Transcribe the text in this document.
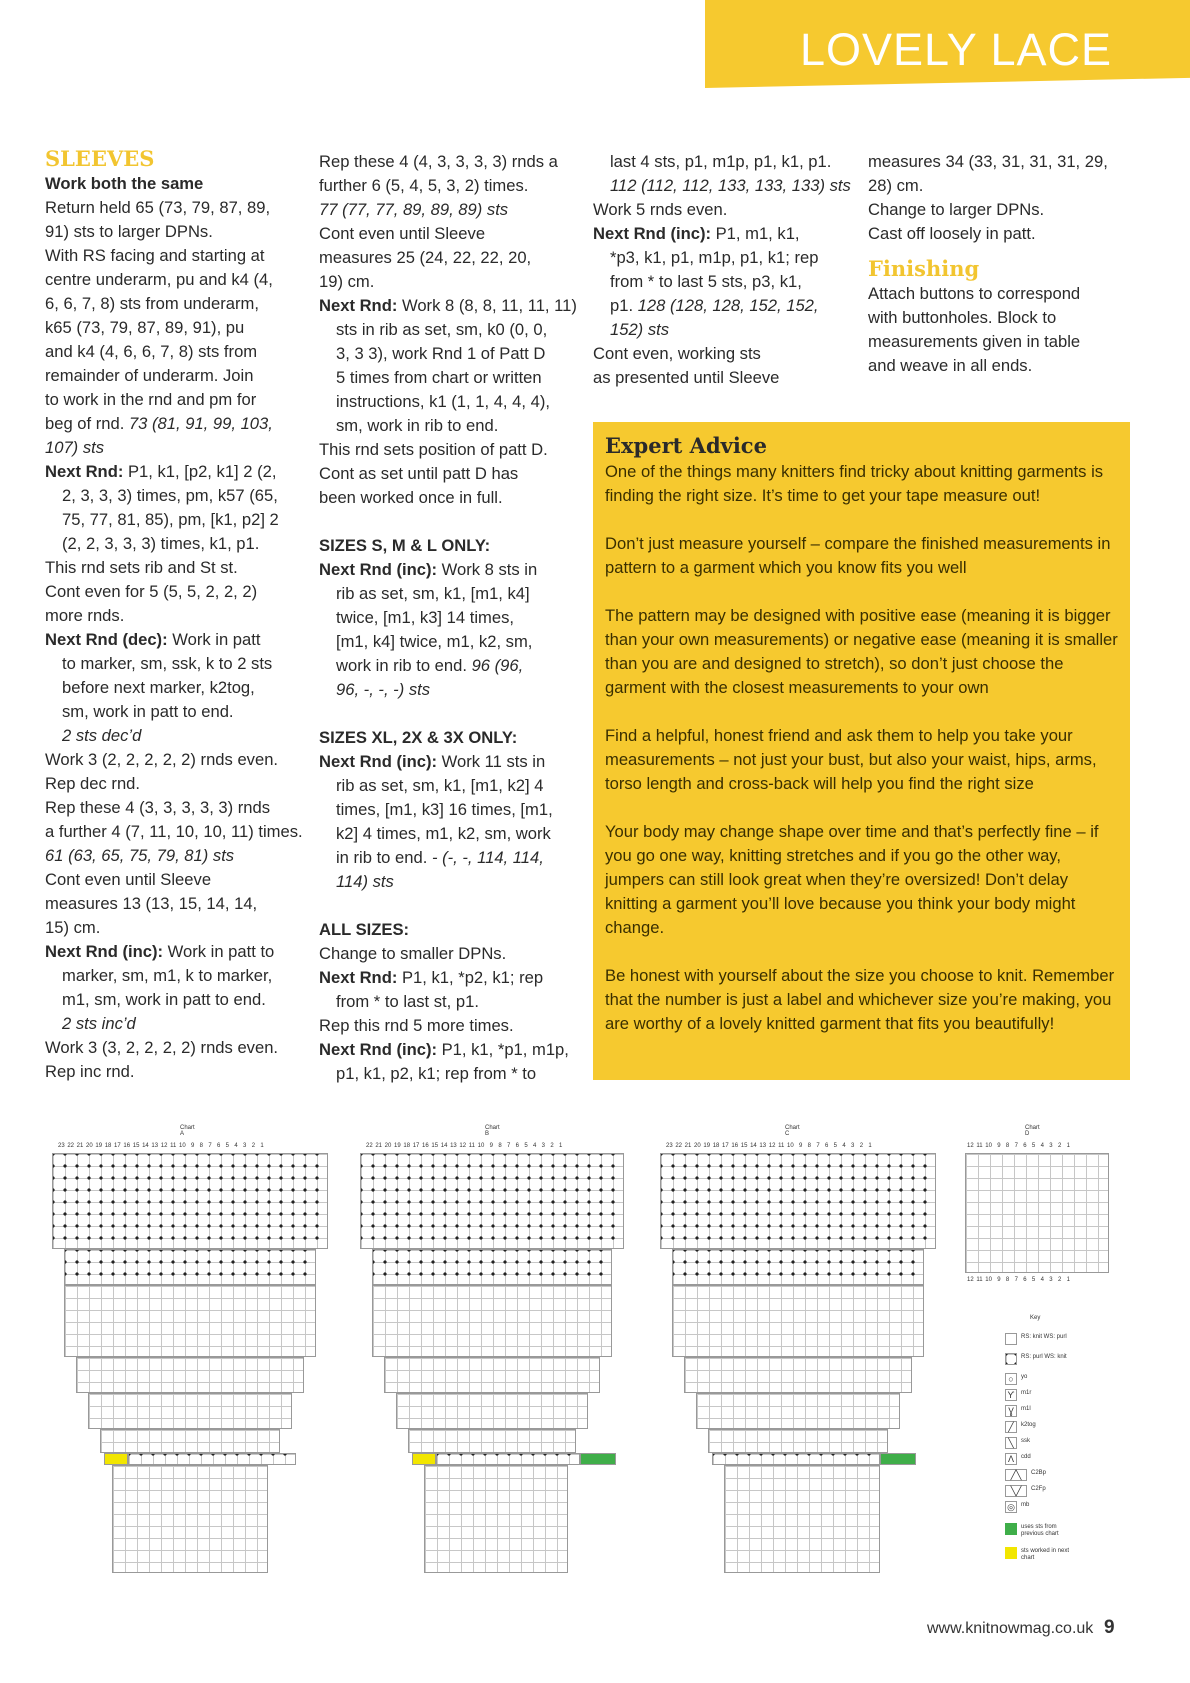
LOVELY LACE

SLEEVES

Work both the same

Return held 65 (73, 79, 87, 89,

91) sts to larger DPNs.

With RS facing and starting at

centre underarm, pu and k4 (4,

6, 6, 7, 8) sts from underarm,

k65 (73, 79, 87, 89, 91), pu

and k4 (4, 6, 6, 7, 8) sts from

remainder of underarm. Join

to work in the rnd and pm for

beg of rnd. 73 (81, 91, 99, 103,

107) sts

Next Rnd: P1, k1, [p2, k1] 2 (2,

2, 3, 3, 3) times, pm, k57 (65,

75, 77, 81, 85), pm, [k1, p2] 2

(2, 2, 3, 3, 3) times, k1, p1.

This rnd sets rib and St st.

Cont even for 5 (5, 5, 2, 2, 2)

more rnds.

Next Rnd (dec): Work in patt

to marker, sm, ssk, k to 2 sts

before next marker, k2tog,

sm, work in patt to end.

2 sts dec’d

Work 3 (2, 2, 2, 2, 2) rnds even.

Rep dec rnd.

Rep these 4 (3, 3, 3, 3, 3) rnds

a further 4 (7, 11, 10, 10, 11) times.

61 (63, 65, 75, 79, 81) sts

Cont even until Sleeve

measures 13 (13, 15, 14, 14,

15) cm.

Next Rnd (inc): Work in patt to

marker, sm, m1, k to marker,

m1, sm, work in patt to end.

2 sts inc’d

Work 3 (3, 2, 2, 2, 2) rnds even.

Rep inc rnd.

Rep these 4 (4, 3, 3, 3, 3) rnds a

further 6 (5, 4, 5, 3, 2) times.

77 (77, 77, 89, 89, 89) sts

Cont even until Sleeve

measures 25 (24, 22, 22, 20,

19) cm.

Next Rnd: Work 8 (8, 8, 11, 11, 11)

sts in rib as set, sm, k0 (0, 0,

3, 3 3), work Rnd 1 of Patt D

5 times from chart or written

instructions, k1 (1, 1, 4, 4, 4),

sm, work in rib to end.

This rnd sets position of patt D.

Cont as set until patt D has

been worked once in full.

SIZES S, M & L ONLY:

Next Rnd (inc): Work 8 sts in

rib as set, sm, k1, [m1, k4]

twice, [m1, k3] 14 times,

[m1, k4] twice, m1, k2, sm,

work in rib to end. 96 (96,

96, -, -, -) sts

SIZES XL, 2X & 3X ONLY:

Next Rnd (inc): Work 11 sts in

rib as set, sm, k1, [m1, k2] 4

times, [m1, k3] 16 times, [m1,

k2] 4 times, m1, k2, sm, work

in rib to end. - (-, -, 114, 114,

114) sts

ALL SIZES:

Change to smaller DPNs.

Next Rnd: P1, k1, *p2, k1; rep

from * to last st, p1.

Rep this rnd 5 more times.

Next Rnd (inc): P1, k1, *p1, m1p,

p1, k1, p2, k1; rep from * to

last 4 sts, p1, m1p, p1, k1, p1.

112 (112, 112, 133, 133, 133) sts

Work 5 rnds even.

Next Rnd (inc): P1, m1, k1,

*p3, k1, p1, m1p, p1, k1; rep

from * to last 5 sts, p3, k1,

p1. 128 (128, 128, 152, 152,

152) sts

Cont even, working sts

as presented until Sleeve

measures 34 (33, 31, 31, 31, 29,

28) cm.

Change to larger DPNs.

Cast off loosely in patt.

Finishing

Attach buttons to correspond

with buttonholes. Block to

measurements given in table

and weave in all ends.

Expert Advice

One of the things many knitters find tricky about knitting garments is finding the right size. It’s time to get your tape measure out!

Don’t just measure yourself – compare the finished measurements in pattern to a garment which you know fits you well

The pattern may be designed with positive ease (meaning it is bigger than your own measurements) or negative ease (meaning it is smaller than you are and designed to stretch), so don’t just choose the garment with the closest measurements to your own

Find a helpful, honest friend and ask them to help you take your measurements – not just your bust, but also your waist, hips, arms, torso length and cross-back will help you find the right size

Your body may change shape over time and that’s perfectly fine – if you go one way, knitting stretches and if you go the other way, jumpers can still look great when they’re oversized! Don’t delay knitting a garment you’ll love because you think your body might change.

Be honest with yourself about the size you choose to knit. Remember that the number is just a label and whichever size you’re making, you are worthy of a lovely knitted garment that fits you beautifully!

Chart A
23 22 21 20 19 18 17 16 15 14 13 12 11 10  9  8  7  6  5  4  3  2  1
Chart B
22 21 20 19 18 17 16 15 14 13 12 11 10  9  8  7  6  5  4  3  2  1
Chart C
23 22 21 20 19 18 17 16 15 14 13 12 11 10  9  8  7  6  5  4  3  2  1
Chart D
12 11 10  9  8  7  6  5  4  3  2  1
12 11 10  9  8  7  6  5  4  3  2  1
Key
RS: knit WS: purl
RS: purl WS: knit
○	yo
ϒ	m1r
Ɣ	m1l
╱	k2tog
╲	ssk
Λ	cdd
╱╲	C2Bp
╲╱	C2Fp
◎	mb
uses sts from previous chart
sts worked in next chart
www.knitnowmag.co.uk 9
